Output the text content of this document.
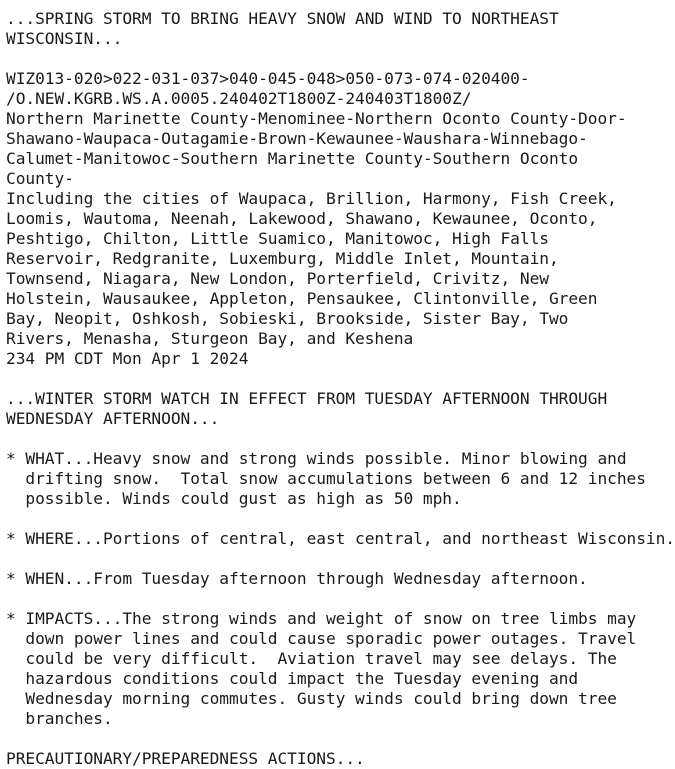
...SPRING STORM TO BRING HEAVY SNOW AND WIND TO NORTHEAST
WISCONSIN...

WIZ013-020>022-031-037>040-045-048>050-073-074-020400-
/O.NEW.KGRB.WS.A.0005.240402T1800Z-240403T1800Z/
Northern Marinette County-Menominee-Northern Oconto County-Door-
Shawano-Waupaca-Outagamie-Brown-Kewaunee-Waushara-Winnebago-
Calumet-Manitowoc-Southern Marinette County-Southern Oconto
County-
Including the cities of Waupaca, Brillion, Harmony, Fish Creek,
Loomis, Wautoma, Neenah, Lakewood, Shawano, Kewaunee, Oconto,
Peshtigo, Chilton, Little Suamico, Manitowoc, High Falls
Reservoir, Redgranite, Luxemburg, Middle Inlet, Mountain,
Townsend, Niagara, New London, Porterfield, Crivitz, New
Holstein, Wausaukee, Appleton, Pensaukee, Clintonville, Green
Bay, Neopit, Oshkosh, Sobieski, Brookside, Sister Bay, Two
Rivers, Menasha, Sturgeon Bay, and Keshena
234 PM CDT Mon Apr 1 2024

...WINTER STORM WATCH IN EFFECT FROM TUESDAY AFTERNOON THROUGH
WEDNESDAY AFTERNOON...

* WHAT...Heavy snow and strong winds possible. Minor blowing and
drifting snow.  Total snow accumulations between 6 and 12 inches
possible. Winds could gust as high as 50 mph.

* WHERE...Portions of central, east central, and northeast Wisconsin.

* WHEN...From Tuesday afternoon through Wednesday afternoon.

* IMPACTS...The strong winds and weight of snow on tree limbs may
down power lines and could cause sporadic power outages. Travel
could be very difficult.  Aviation travel may see delays. The
hazardous conditions could impact the Tuesday evening and
Wednesday morning commutes. Gusty winds could bring down tree
branches.

PRECAUTIONARY/PREPAREDNESS ACTIONS...
